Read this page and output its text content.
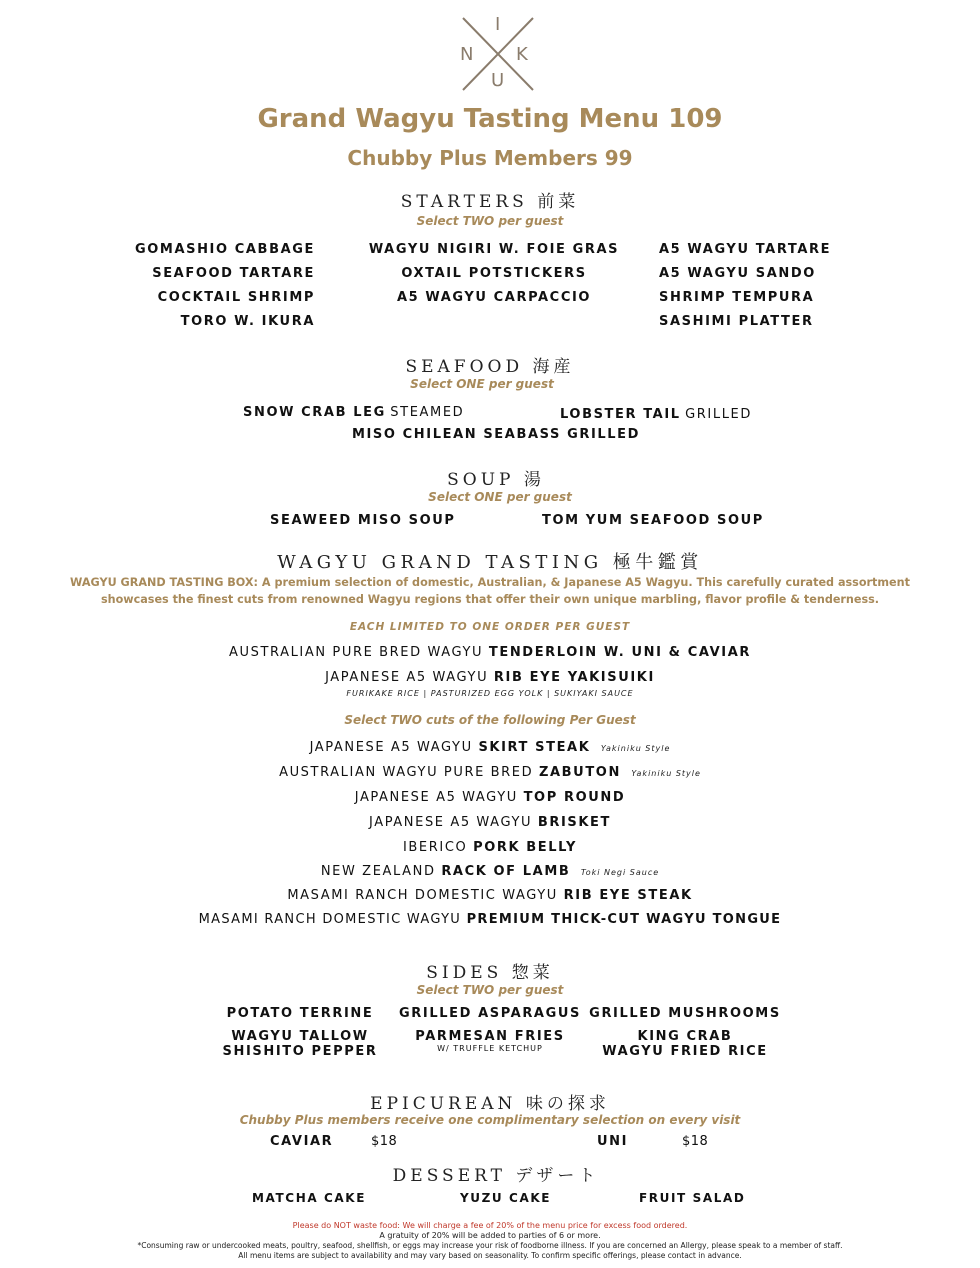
I
N K
U
Grand Wagyu Tasting Menu 109
Chubby Plus Members 99
STARTERS 前菜
Select TWO per guest
GOMASHIO CABBAGE
SEAFOOD TARTARE
COCKTAIL SHRIMP
TORO W. IKURA
WAGYU NIGIRI W. FOIE GRAS
OXTAIL POTSTICKERS
A5 WAGYU CARPACCIO
A5 WAGYU TARTARE
A5 WAGYU SANDO
SHRIMP TEMPURA
SASHIMI PLATTER
SEAFOOD 海産
Select ONE per guest
SNOW CRAB LEG STEAMED	LOBSTER TAIL GRILLED
MISO CHILEAN SEABASS GRILLED
SOUP 湯
Select ONE per guest
SEAWEED MISO SOUP	TOM YUM SEAFOOD SOUP
WAGYU GRAND TASTING 極牛鑑賞
WAGYU GRAND TASTING BOX: A premium selection of domestic, Australian, & Japanese A5 Wagyu. This carefully curated assortment
showcases the finest cuts from renowned Wagyu regions that offer their own unique marbling, flavor profile & tenderness.
EACH LIMITED TO ONE ORDER PER GUEST
AUSTRALIAN PURE BRED WAGYU TENDERLOIN W. UNI & CAVIAR
JAPANESE A5 WAGYU RIB EYE YAKISUIKI
FURIKAKE RICE | PASTURIZED EGG YOLK | SUKIYAKI SAUCE
Select TWO cuts of the following Per Guest
JAPANESE A5 WAGYU SKIRT STEAK Yakiniku Style
AUSTRALIAN WAGYU PURE BRED ZABUTON Yakiniku Style
JAPANESE A5 WAGYU TOP ROUND
JAPANESE A5 WAGYU BRISKET
IBERICO PORK BELLY
NEW ZEALAND RACK OF LAMB Toki Negi Sauce
MASAMI RANCH DOMESTIC WAGYU RIB EYE STEAK
MASAMI RANCH DOMESTIC WAGYU PREMIUM THICK-CUT WAGYU TONGUE
SIDES 惣菜
Select TWO per guest
POTATO TERRINE
WAGYU TALLOW
SHISHITO PEPPER
GRILLED ASPARAGUS
PARMESAN FRIES
W/ TRUFFLE KETCHUP
GRILLED MUSHROOMS
KING CRAB
WAGYU FRIED RICE
EPICUREAN 味の探求
Chubby Plus members receive one complimentary selection on every visit
CAVIAR	$18	UNI	$18
DESSERT デザート
MATCHA CAKE	YUZU CAKE	FRUIT SALAD
Please do NOT waste food: We will charge a fee of 20% of the menu price for excess food ordered.
A gratuity of 20% will be added to parties of 6 or more.
*Consuming raw or undercooked meats, poultry, seafood, shellfish, or eggs may increase your risk of foodborne illness. If you are concerned an Allergy, please speak to a member of staff.
All menu items are subject to availability and may vary based on seasonality. To confirm specific offerings, please contact in advance.
